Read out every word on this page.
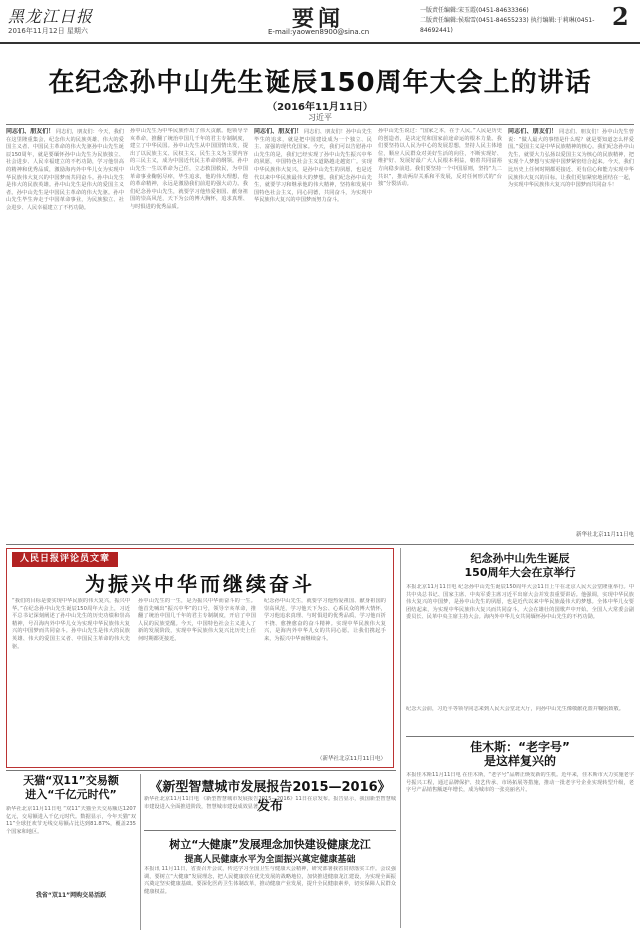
黑龙江日报
2016年11月12日 星期六	要闻
E-mail:yaowen8900@sina.cn
一版责任编辑:宋玉霞(0451-84633366)
二版责任编辑:侯瑞雪(0451-84655233) 执行编辑:于莉琳(0451-84692441)	2
在纪念孙中山先生诞辰150周年大会上的讲话
（2016年11月11日）
习近平
同志们、朋友们！ 同志们，朋友们：今天，我们在这里隆重集会，纪念伟大的民族英雄、伟大的爱国主义者、中国民主革命的伟大先驱孙中山先生诞辰150周年，就是要缅怀孙中山先生为民族独立、社会进步、人民幸福建立的不朽功勋，学习他崇高的精神和优秀品质，激励海内外中华儿女为实现中华民族伟大复兴的中国梦而共同奋斗。孙中山先生是伟大的民族英雄。孙中山先生是伟大的爱国主义者。孙中山先生是中国民主革命的伟大先驱。孙中山先生毕生奔走于中国革命事业，为民族独立、社会进步、人民幸福建立了不朽功勋。
孙中山先生为中华民族作出了伟大贡献。他领导辛亥革命，推翻了统治中国几千年的君主专制制度，建立了中华民国。孙中山先生从中国国情出发，提出了以民族主义、民权主义、民生主义为主要内容的三民主义，成为中国近代民主革命的纲领。孙中山先生一生以革命为己任，立志救国救民，为中国革命事业鞠躬尽瘁，毕生追求，他的伟大理想，他的革命精神，永远是激励我们前进的强大动力。我们纪念孙中山先生，就要学习他热爱祖国、献身祖国的崇高风范，天下为公的博大胸怀，追求真理、与时俱进的优秀品质。
同志们、朋友们！ 同志们、朋友们！孙中山先生毕生的追求，就是把中国建设成为一个独立、民主、富强的现代化国家。今天，我们可以告慰孙中山先生的是，我们已经实现了孙中山先生振兴中华的夙愿，中国特色社会主义道路越走越宽广。实现中华民族伟大复兴，是孙中山先生的夙愿，也是近代以来中华民族最伟大的梦想。我们纪念孙中山先生，就要学习和继承他的伟大精神，坚持和发展中国特色社会主义，同心同德，共同奋斗，为实现中华民族伟大复兴的中国梦而努力奋斗。
孙中山先生说过：“国家之本，在于人民。”人民是历史的创造者，是决定党和国家前途命运的根本力量。我们要坚持以人民为中心的发展思想，坚持人民主体地位，顺应人民群众对美好生活的向往，不断实现好、维护好、发展好最广大人民根本利益，朝着共同富裕方向稳步前进。我们要坚持一个中国原则，坚持“九二共识”，推动两岸关系和平发展，反对任何形式的“台独”分裂活动。
同志们、朋友们！ 同志们、朋友们！孙中山先生曾说：“做人最大的事情是什么呢？就是要知道怎么样爱国。”爱国主义是中华民族精神的核心。我们纪念孙中山先生，就要大力弘扬以爱国主义为核心的民族精神，把实现个人梦想与实现中国梦紧密结合起来。今天，我们比历史上任何时期都更接近、更有信心和能力实现中华民族伟大复兴的目标。让我们更加紧密地团结在一起，为实现中华民族伟大复兴的中国梦而共同奋斗！
新华社北京11月11日电
人民日报评论员文章
为振兴中华而继续奋斗
“我们的目标是要实现中华民族的伟大复兴，振兴中华。”在纪念孙中山先生诞辰150周年大会上，习近平总书记深刻阐述了孙中山先生的历史功绩和崇高精神，号召海内外中华儿女为实现中华民族伟大复兴的中国梦而共同奋斗。孙中山先生是伟大的民族英雄、伟大的爱国主义者、中国民主革命的伟大先驱。
孙中山先生的一生，是为振兴中华而奋斗的一生。他首先喊出“振兴中华”的口号，领导辛亥革命，推翻了统治中国几千年的君主专制制度，开启了中国人民的民族觉醒。今天，中国特色社会主义进入了新的发展阶段，实现中华民族伟大复兴比历史上任何时期都更接近。
纪念孙中山先生，就要学习他热爱祖国、献身祖国的崇高风范，学习他天下为公、心系民众的博大情怀，学习他追求真理、与时俱进的优秀品质，学习他百折不挠、愈挫愈奋的奋斗精神。实现中华民族伟大复兴，是海内外中华儿女的共同心愿。让我们携起手来，为振兴中华而继续奋斗。
（新华社北京11月11日电）
纪念孙中山先生诞辰
150周年大会在京举行
本报北京11月11日电 纪念孙中山先生诞辰150周年大会11日上午在北京人民大会堂隆重举行。中共中央总书记、国家主席、中央军委主席习近平出席大会并发表重要讲话。他强调，实现中华民族伟大复兴的中国梦，是孙中山先生的夙愿，也是近代以来中华民族最伟大的梦想。全体中华儿女要团结起来，为实现中华民族伟大复兴而共同奋斗。大会在雄壮的国歌声中开始。全国人大常委会副委员长、民革中央主席主持大会。海内外中华儿女共同缅怀孙中山先生的不朽功勋。
纪念大会前，习近平等领导同志来到人民大会堂北大厅，向孙中山先生像敬献花篮并鞠躬致敬。
佳木斯：“老字号”
是这样复兴的
本报佳木斯11月11日电 在佳木斯，“老字号”品牌正焕发新的生机。近年来，佳木斯市大力实施老字号振兴工程，通过品牌保护、技艺传承、市场拓展等措施，推动一批老字号企业实现转型升级，老字号产品销售额逐年增长，成为城市的一张亮丽名片。
天猫“双11”交易额
进入“千亿元时代”
新华社北京11月11日电 “双11”天猫全天交易额达1207亿元，交易额进入千亿元时代。数据显示，今年天猫“双11”全球狂欢节无线交易额占比达到81.87%，覆盖235个国家和地区。
我省“双11”网购交易活跃
《新型智慧城市发展报告2015—2016》发布
新华社北京11月11日电 《新型智慧城市发展报告2015—2016》11日在京发布。报告显示，我国新型智慧城市建设进入全面推进阶段，智慧城市建设成效显著。
树立“大健康”发展理念加快建设健康龙江
提高人民健康水平为全面振兴奠定健康基础
本报讯 11月11日，省委召开会议，传达学习全国卫生与健康大会精神，研究部署我省贯彻落实工作。会议强调，要树立“大健康”发展理念，把人民健康放在优先发展的战略地位，加快推进健康龙江建设，为实现全面振兴奠定坚实健康基础。要深化医药卫生体制改革，推动健康产业发展，提升全民健康素养，切实保障人民群众健康权益。
